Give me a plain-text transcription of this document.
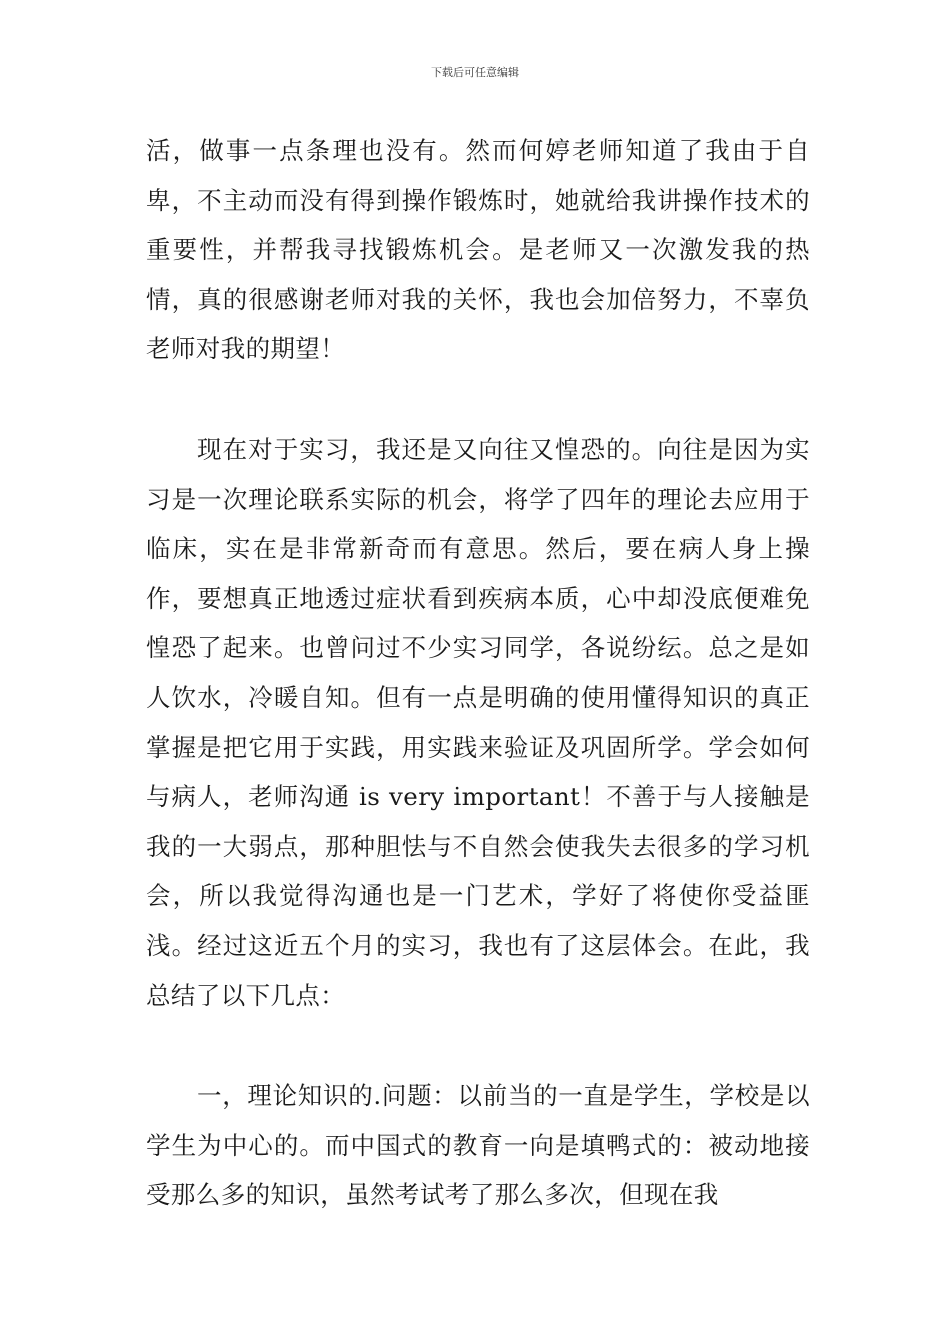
下载后可任意编辑

活，做事一点条理也没有。然而何婷老师知道了我由于自卑，不主动而没有得到操作锻炼时，她就给我讲操作技术的重要性，并帮我寻找锻炼机会。是老师又一次激发我的热情，真的很感谢老师对我的关怀，我也会加倍努力，不辜负老师对我的期望！

现在对于实习，我还是又向往又惶恐的。向往是因为实习是一次理论联系实际的机会，将学了四年的理论去应用于临床，实在是非常新奇而有意思。然后，要在病人身上操作，要想真正地透过症状看到疾病本质，心中却没底便难免惶恐了起来。也曾问过不少实习同学，各说纷纭。总之是如人饮水，冷暖自知。但有一点是明确的使用懂得知识的真正掌握是把它用于实践，用实践来验证及巩固所学。学会如何与病人，老师沟通 is very important！不善于与人接触是我的一大弱点，那种胆怯与不自然会使我失去很多的学习机会，所以我觉得沟通也是一门艺术，学好了将使你受益匪浅。经过这近五个月的实习，我也有了这层体会。在此，我总结了以下几点：

一，理论知识的.问题：以前当的一直是学生，学校是以学生为中心的。而中国式的教育一向是填鸭式的：被动地接受那么多的知识，虽然考试考了那么多次，但现在我
